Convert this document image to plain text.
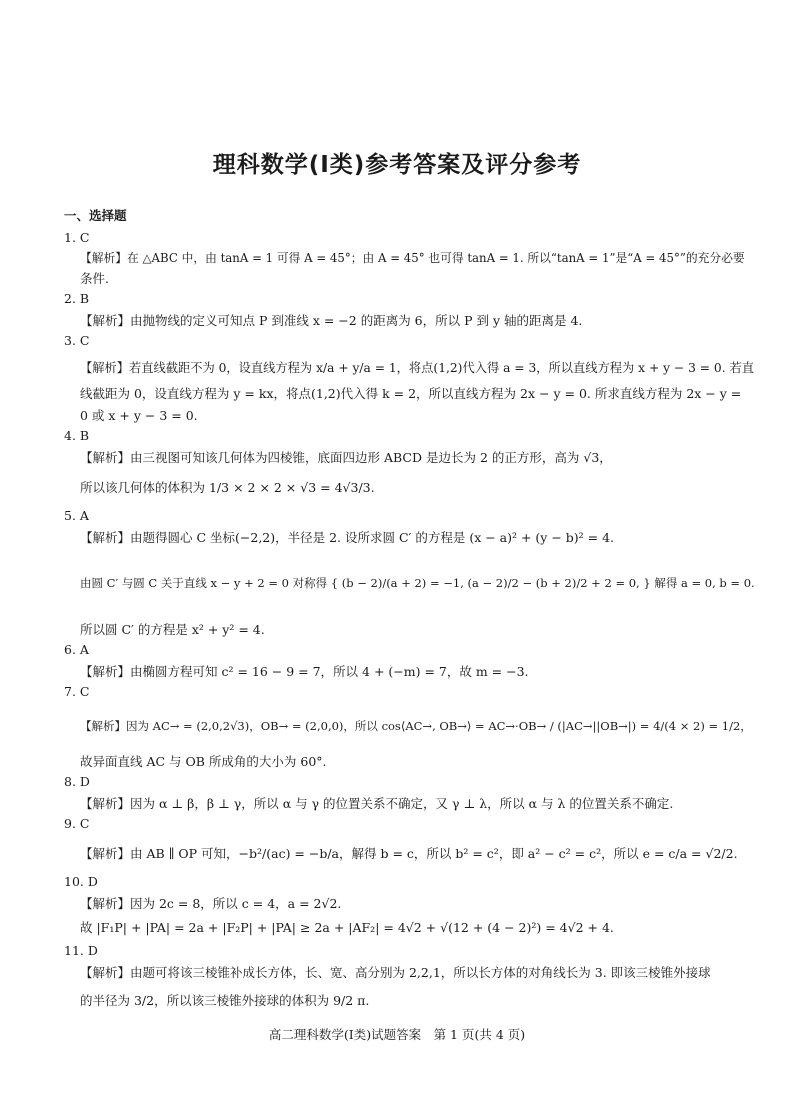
理科数学(Ⅰ类)参考答案及评分参考
一、选择题
1. C
【解析】在 △ABC 中，由 tanA = 1 可得 A = 45°；由 A = 45° 也可得 tanA = 1. 所以“tanA = 1”是“A = 45°”的充分必要
条件.
2. B
【解析】由抛物线的定义可知点 P 到准线 x = −2 的距离为 6，所以 P 到 y 轴的距离是 4.
3. C
【解析】若直线截距不为 0，设直线方程为 x/a + y/a = 1，将点(1,2)代入得 a = 3，所以直线方程为 x + y − 3 = 0. 若直
线截距为 0，设直线方程为 y = kx，将点(1,2)代入得 k = 2，所以直线方程为 2x − y = 0. 所求直线方程为 2x − y =
0 或 x + y − 3 = 0.
4. B
【解析】由三视图可知该几何体为四棱锥，底面四边形 ABCD 是边长为 2 的正方形，高为 √3，
所以该几何体的体积为 1/3 × 2 × 2 × √3 = 4√3/3.
5. A
【解析】由题得圆心 C 坐标(−2,2)，半径是 2. 设所求圆 C′ 的方程是 (x − a)² + (y − b)² = 4.
由圆 C′ 与圆 C 关于直线 x − y + 2 = 0 对称得 { (b − 2)/(a + 2) = −1, (a − 2)/2 − (b + 2)/2 + 2 = 0, } 解得 a = 0, b = 0.
所以圆 C′ 的方程是 x² + y² = 4.
6. A
【解析】由椭圆方程可知 c² = 16 − 9 = 7，所以 4 + (−m) = 7，故 m = −3.
7. C
【解析】因为 AC→ = (2,0,2√3)，OB→ = (2,0,0)，所以 cos⟨AC→, OB→⟩ = AC→·OB→ / (|AC→||OB→|) = 4/(4 × 2) = 1/2，
故异面直线 AC 与 OB 所成角的大小为 60°.
8. D
【解析】因为 α ⊥ β，β ⊥ γ，所以 α 与 γ 的位置关系不确定，又 γ ⊥ λ，所以 α 与 λ 的位置关系不确定.
9. C
【解析】由 AB ∥ OP 可知，−b²/(ac) = −b/a，解得 b = c，所以 b² = c²，即 a² − c² = c²，所以 e = c/a = √2/2.
10. D
【解析】因为 2c = 8，所以 c = 4，a = 2√2.
故 |F₁P| + |PA| = 2a + |F₂P| + |PA| ≥ 2a + |AF₂| = 4√2 + √(12 + (4 − 2)²) = 4√2 + 4.
11. D
【解析】由题可将该三棱锥补成长方体，长、宽、高分别为 2,2,1，所以长方体的对角线长为 3. 即该三棱锥外接球
的半径为 3/2，所以该三棱锥外接球的体积为 9/2 π.
高二理科数学(Ⅰ类)试题答案　第 1 页(共 4 页)
